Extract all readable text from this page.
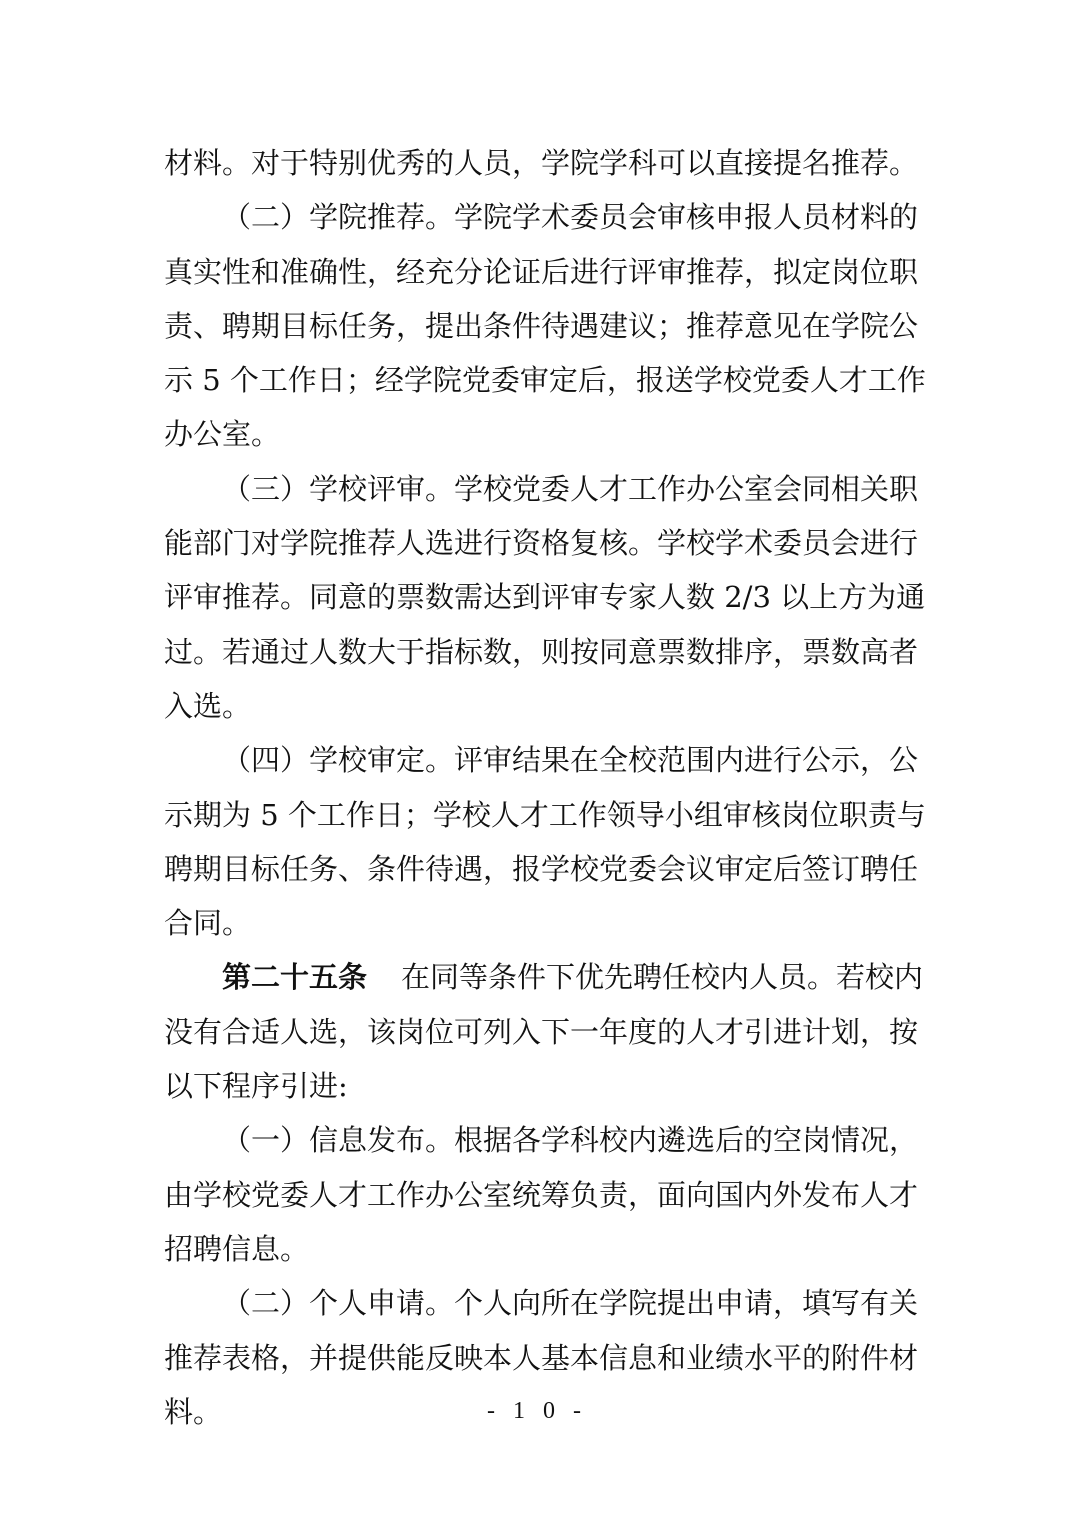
材料。对于特别优秀的人员，学院学科可以直接提名推荐。
（二）学院推荐。学院学术委员会审核申报人员材料的
真实性和准确性，经充分论证后进行评审推荐，拟定岗位职
责、聘期目标任务，提出条件待遇建议；推荐意见在学院公
示 5 个工作日；经学院党委审定后，报送学校党委人才工作
办公室。
（三）学校评审。学校党委人才工作办公室会同相关职
能部门对学院推荐人选进行资格复核。学校学术委员会进行
评审推荐。同意的票数需达到评审专家人数 2/3 以上方为通
过。若通过人数大于指标数，则按同意票数排序，票数高者
入选。
（四）学校审定。评审结果在全校范围内进行公示，公
示期为 5 个工作日；学校人才工作领导小组审核岗位职责与
聘期目标任务、条件待遇，报学校党委会议审定后签订聘任
合同。
第二十五条 在同等条件下优先聘任校内人员。若校内
没有合适人选，该岗位可列入下一年度的人才引进计划，按
以下程序引进:
（一）信息发布。根据各学科校内遴选后的空岗情况，
由学校党委人才工作办公室统筹负责，面向国内外发布人才
招聘信息。
（二）个人申请。个人向所在学院提出申请，填写有关
推荐表格，并提供能反映本人基本信息和业绩水平的附件材
料。	- 1 0 -
